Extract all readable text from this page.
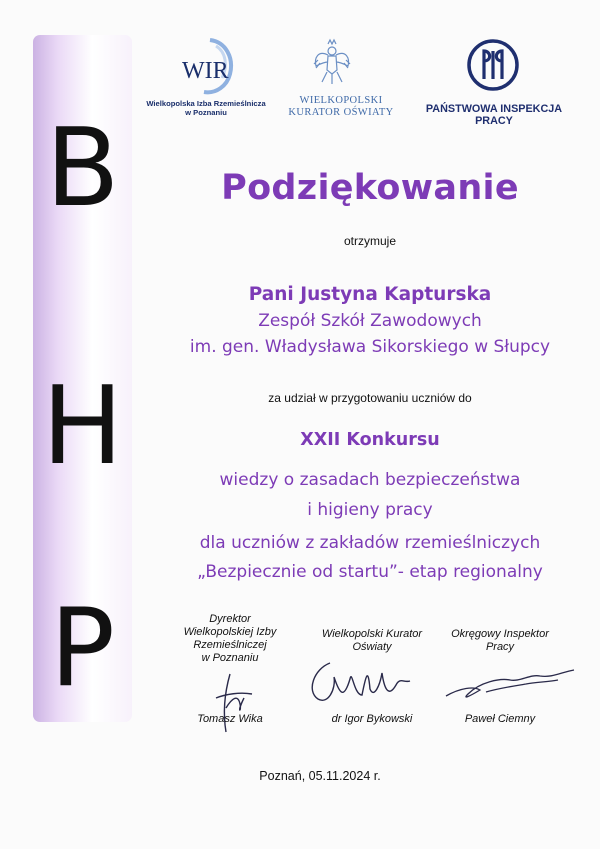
B
H
P
WIR
Wielkopolska Izba Rzemieślnicza
w Poznaniu
WIELKOPOLSKI
KURATOR OŚWIATY	PAŃSTWOWA INSPEKCJA
PRACY
Podziękowanie
otrzymuje
Pani Justyna Kapturska
Zespół Szkół Zawodowych
im. gen. Władysława Sikorskiego w Słupcy
za udział w przygotowaniu uczniów do
XXII Konkursu
wiedzy o zasadach bezpieczeństwa
i higieny pracy
dla uczniów z zakładów rzemieślniczych
„Bezpiecznie od startu”- etap regionalny
Dyrektor
Wielkopolskiej Izby
Rzemieślniczej
w Poznaniu
Tomasz Wika
Wielkopolski Kurator
Oświaty
dr Igor Bykowski
Okręgowy Inspektor
Pracy
Paweł Ciemny
Poznań, 05.11.2024 r.
